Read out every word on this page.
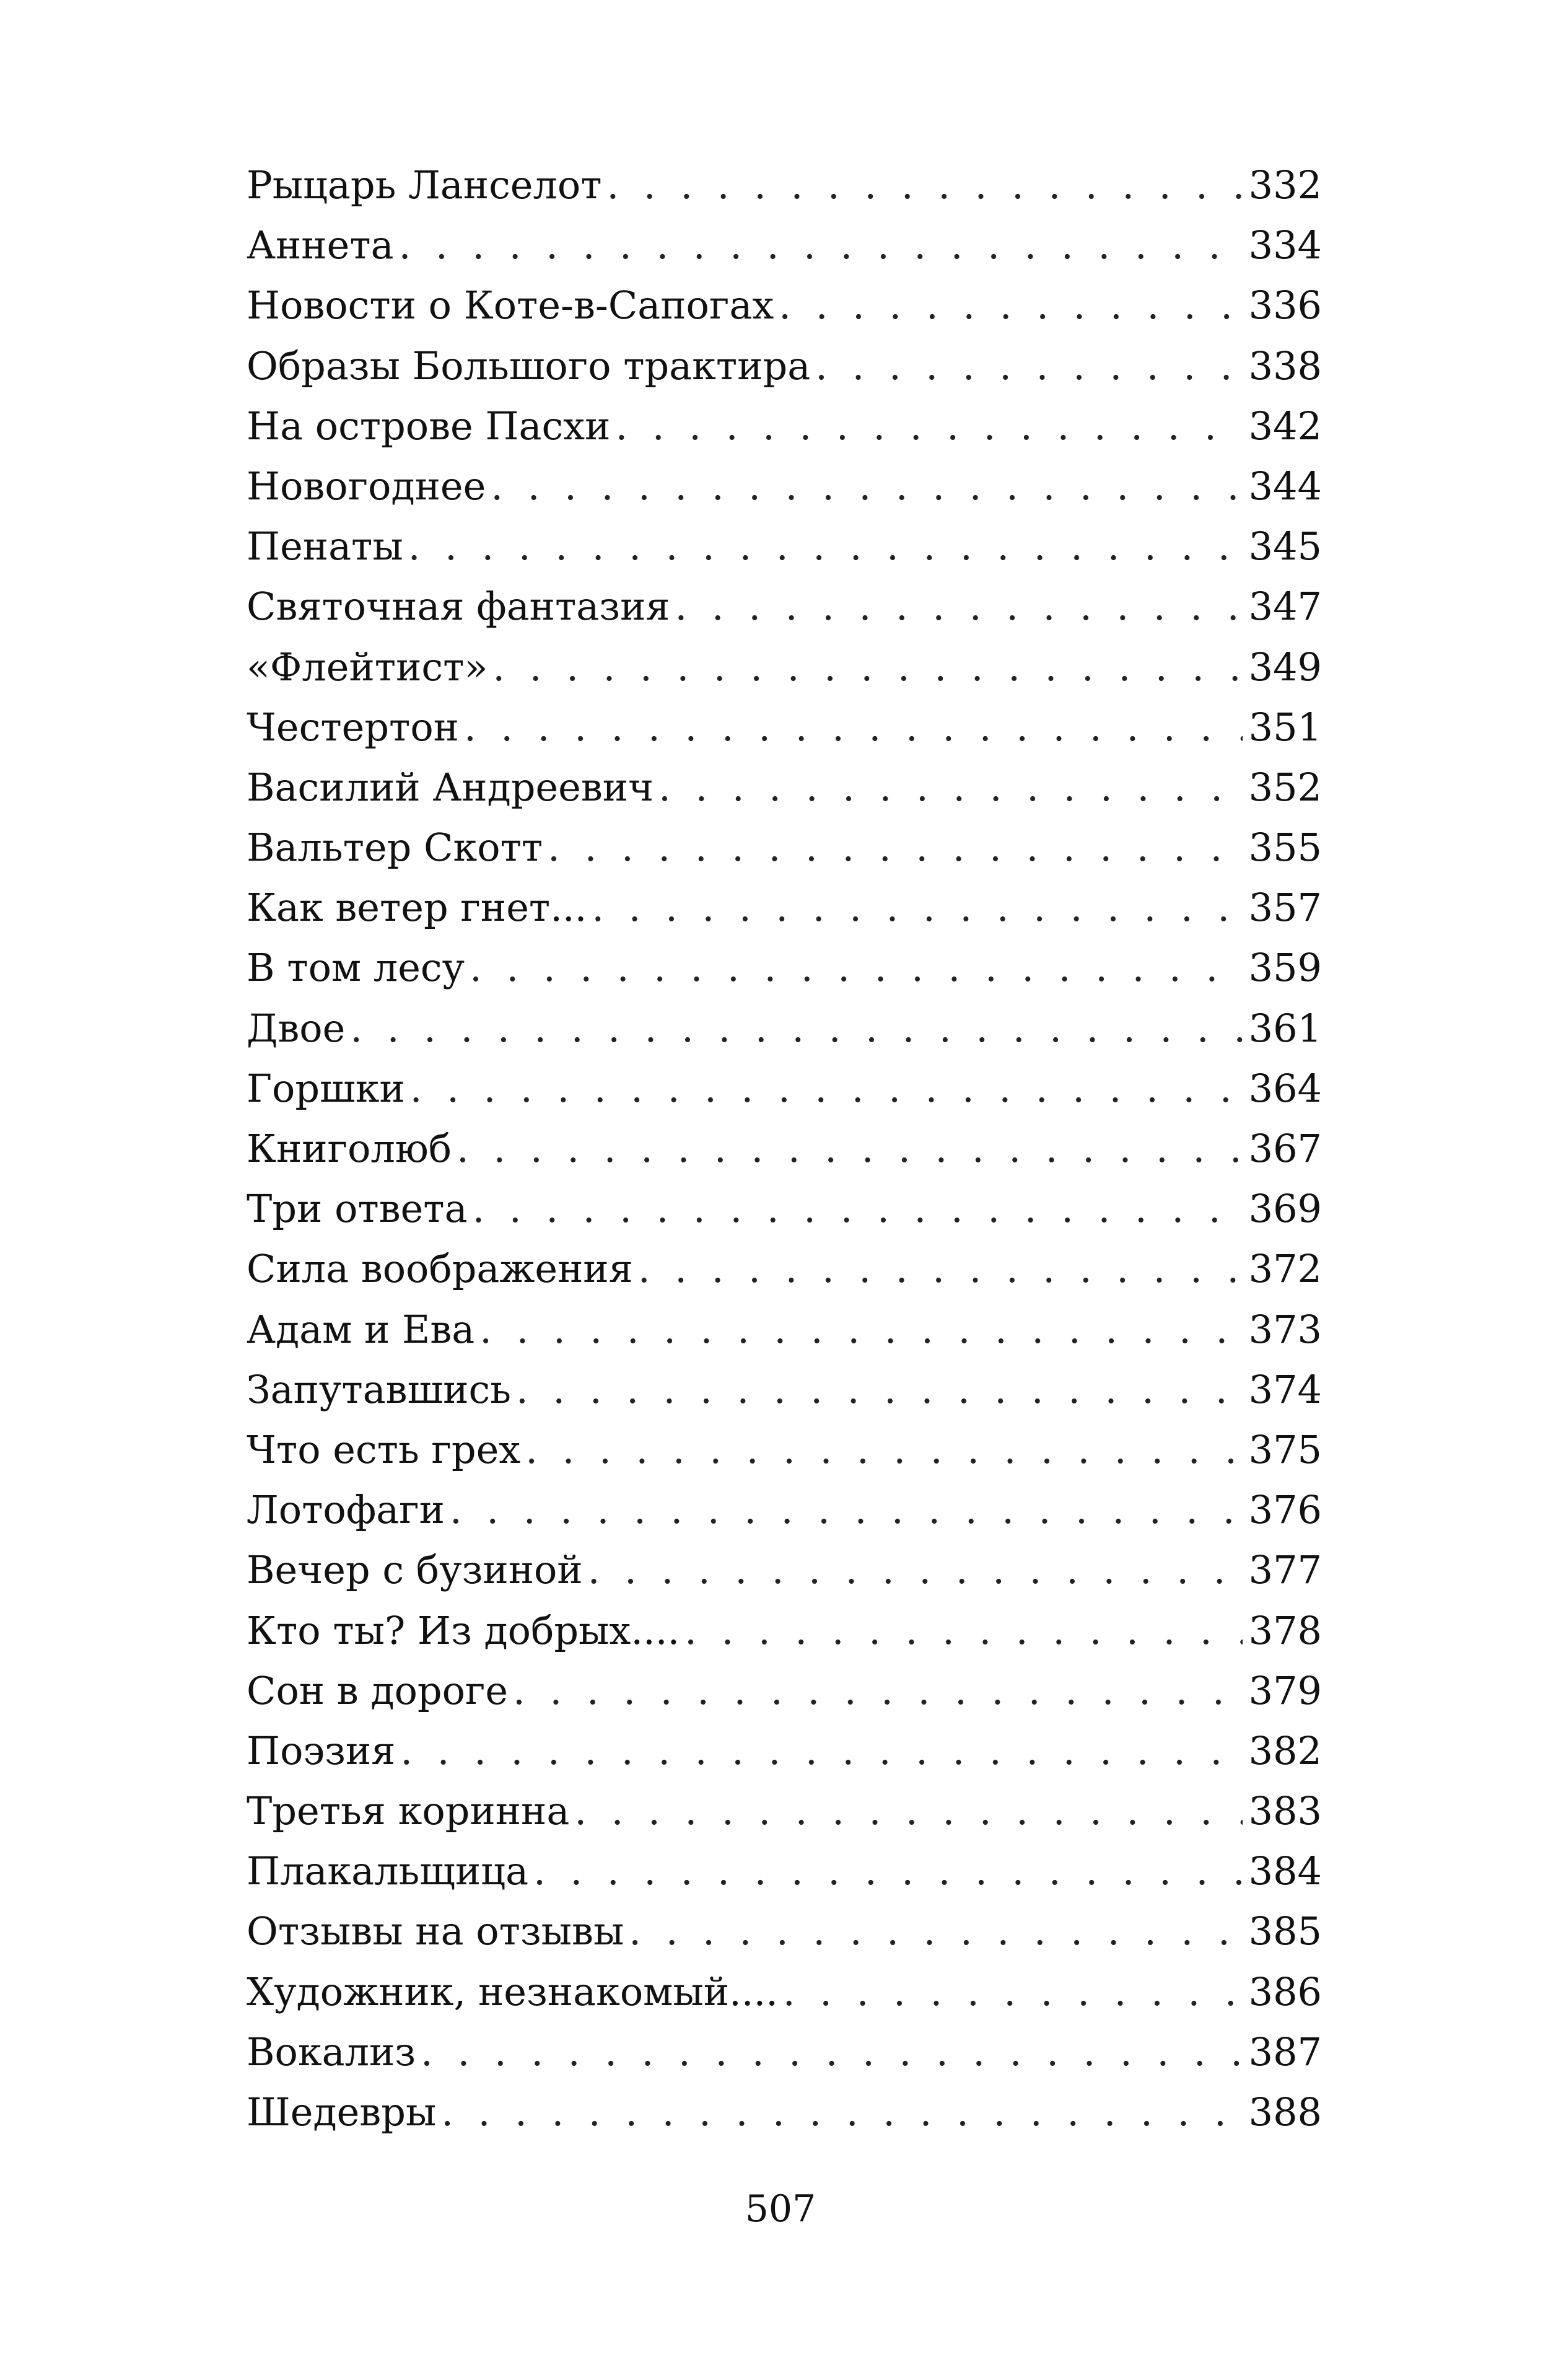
Рыцарь Ланселот . . .	332
Аннета . . .	334
Новости о Коте-в-Сапогах . . .	336
Образы Большого трактира . . .	338
На острове Пасхи . . .	342
Новогоднее . . .	344
Пенаты . . .	345
Святочная фантазия . . .	347
«Флейтист» . . .	349
Честертон . . .	351
Василий Андреевич . . .	352
Вальтер Скотт . . .	355
Как ветер гнет... . . .	357
В том лесу . . .	359
Двое . . .	361
Горшки . . .	364
Книголюб . . .	367
Три ответа . . .	369
Сила воображения . . .	372
Адам и Ева . . .	373
Запутавшись . . .	374
Что есть грех . . .	375
Лотофаги . . .	376
Вечер с бузиной . . .	377
Кто ты? Из добрых.... . . .	378
Сон в дороге . . .	379
Поэзия . . .	382
Третья коринна . . .	383
Плакальщица . . .	384
Отзывы на отзывы . . .	385
Художник, незнакомый.... . . .	386
Вокализ . . .	387
Шедевры . . .	388
507
